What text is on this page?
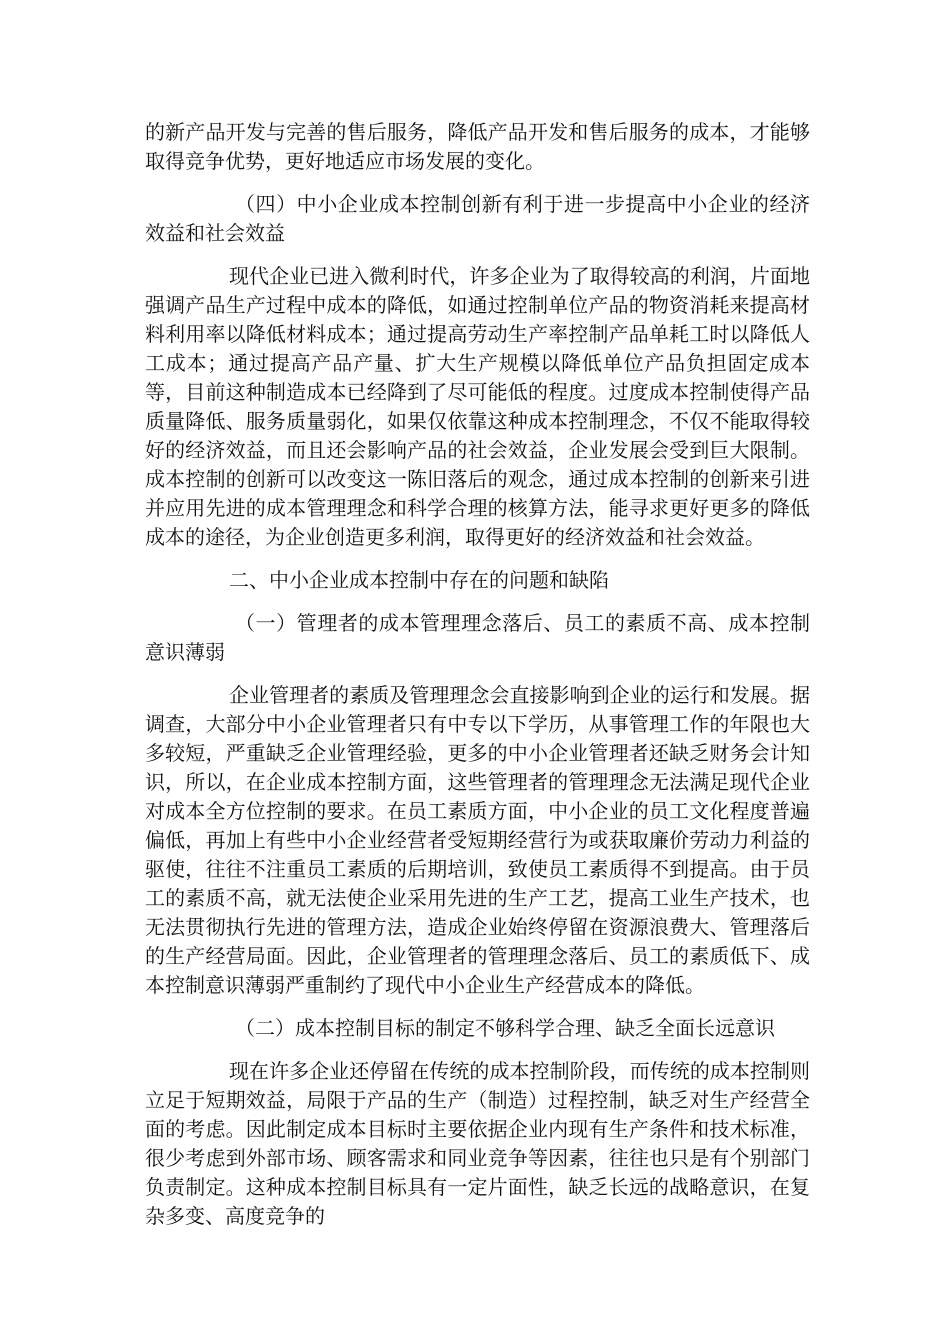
的新产品开发与完善的售后服务，降低产品开发和售后服务的成本，才能够取得竞争优势，更好地适应市场发展的变化。

（四）中小企业成本控制创新有利于进一步提高中小企业的经济效益和社会效益

现代企业已进入微利时代，许多企业为了取得较高的利润，片面地强调产品生产过程中成本的降低，如通过控制单位产品的物资消耗来提高材料利用率以降低材料成本；通过提高劳动生产率控制产品单耗工时以降低人工成本；通过提高产品产量、扩大生产规模以降低单位产品负担固定成本等，目前这种制造成本已经降到了尽可能低的程度。过度成本控制使得产品质量降低、服务质量弱化，如果仅依靠这种成本控制理念，不仅不能取得较好的经济效益，而且还会影响产品的社会效益，企业发展会受到巨大限制。成本控制的创新可以改变这一陈旧落后的观念，通过成本控制的创新来引进并应用先进的成本管理理念和科学合理的核算方法，能寻求更好更多的降低成本的途径，为企业创造更多利润，取得更好的经济效益和社会效益。

二、中小企业成本控制中存在的问题和缺陷

（一）管理者的成本管理理念落后、员工的素质不高、成本控制意识薄弱

企业管理者的素质及管理理念会直接影响到企业的运行和发展。据调查，大部分中小企业管理者只有中专以下学历，从事管理工作的年限也大多较短，严重缺乏企业管理经验，更多的中小企业管理者还缺乏财务会计知识，所以，在企业成本控制方面，这些管理者的管理理念无法满足现代企业对成本全方位控制的要求。在员工素质方面，中小企业的员工文化程度普遍偏低，再加上有些中小企业经营者受短期经营行为或获取廉价劳动力利益的驱使，往往不注重员工素质的后期培训，致使员工素质得不到提高。由于员工的素质不高，就无法使企业采用先进的生产工艺，提高工业生产技术，也无法贯彻执行先进的管理方法，造成企业始终停留在资源浪费大、管理落后的生产经营局面。因此，企业管理者的管理理念落后、员工的素质低下、成本控制意识薄弱严重制约了现代中小企业生产经营成本的降低。

（二）成本控制目标的制定不够科学合理、缺乏全面长远意识

现在许多企业还停留在传统的成本控制阶段，而传统的成本控制则立足于短期效益，局限于产品的生产（制造）过程控制，缺乏对生产经营全面的考虑。因此制定成本目标时主要依据企业内现有生产条件和技术标准，很少考虑到外部市场、顾客需求和同业竞争等因素，往往也只是有个别部门负责制定。这种成本控制目标具有一定片面性，缺乏长远的战略意识，在复杂多变、高度竞争的
